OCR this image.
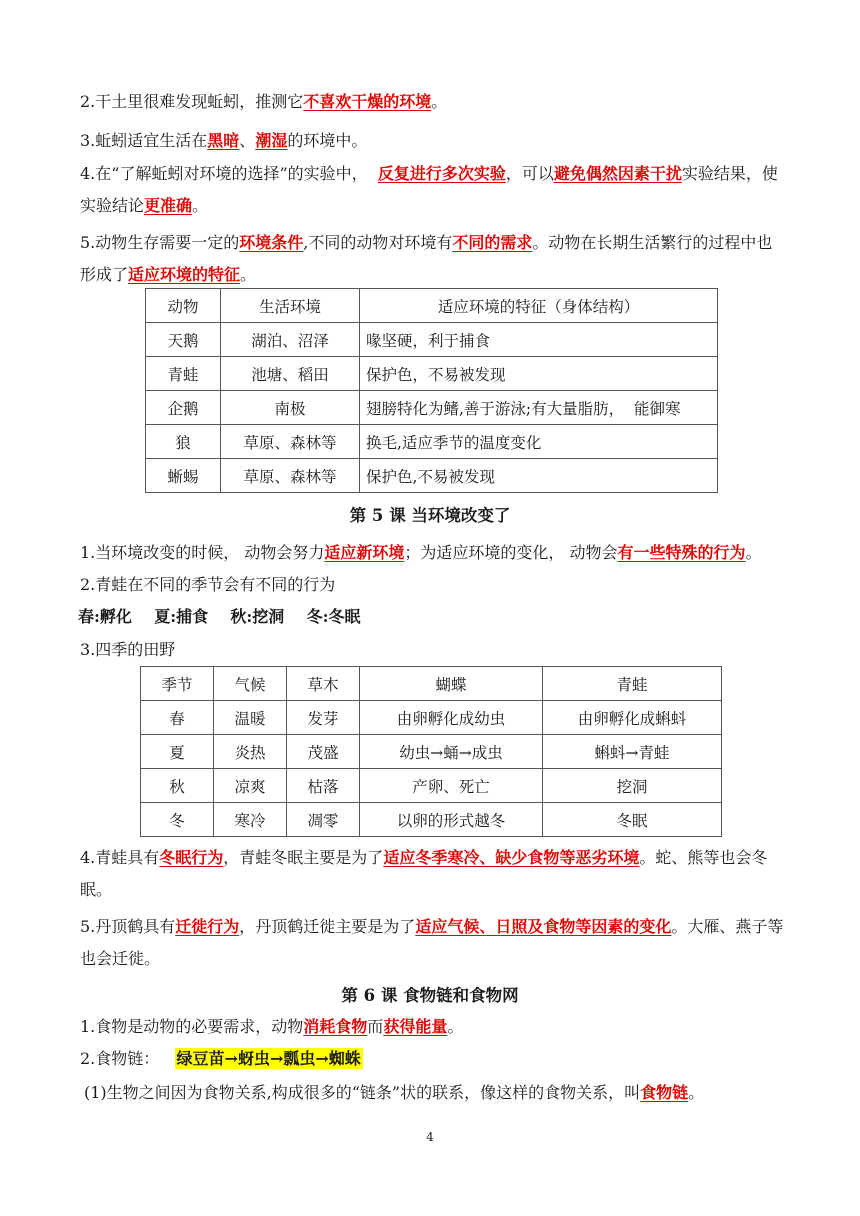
2.干土里很难发现蚯蚓，推测它不喜欢干燥的环境。
3.蚯蚓适宜生活在黑暗、潮湿的环境中。
4.在“了解蚯蚓对环境的选择”的实验中， 反复进行多次实验，可以避免偶然因素干扰实验结果，使实验结论更准确。
5.动物生存需要一定的环境条件,不同的动物对环境有不同的需求。动物在长期生活繁行的过程中也形成了适应环境的特征。
动物	生活环境	适应环境的特征（身体结构）
天鹅	湖泊、沼泽	喙坚硬，利于捕食
青蛙	池塘、稻田	保护色，不易被发现
企鹅	南极	翅膀特化为鳍,善于游泳;有大量脂肪，  能御寒
狼	草原、森林等	换毛,适应季节的温度变化
蜥蜴	草原、森林等	保护色,不易被发现
第 5 课 当环境改变了
1.当环境改变的时候， 动物会努力适应新环境；为适应环境的变化， 动物会有一些特殊的行为。
2.青蛙在不同的季节会有不同的行为
春:孵化    夏:捕食    秋:挖洞    冬:冬眠
3.四季的田野
季节	气候	草木	蝴蝶	青蛙
春	温暖	发芽	由卵孵化成幼虫	由卵孵化成蝌蚪
夏	炎热	茂盛	幼虫→蛹→成虫	蝌蚪→青蛙
秋	凉爽	枯落	产卵、死亡	挖洞
冬	寒冷	凋零	以卵的形式越冬	冬眠
4.青蛙具有冬眠行为，青蛙冬眠主要是为了适应冬季寒冷、缺少食物等恶劣环境。蛇、熊等也会冬眠。
5.丹顶鹤具有迁徙行为，丹顶鹤迁徙主要是为了适应气候、日照及食物等因素的变化。大雁、燕子等也会迁徙。
第 6 课 食物链和食物网
1.食物是动物的必要需求，动物消耗食物而获得能量。
2.食物链： 绿豆苗→蚜虫→瓢虫→蜘蛛
(1)生物之间因为食物关系,构成很多的“链条”状的联系，像这样的食物关系，叫食物链。
4
